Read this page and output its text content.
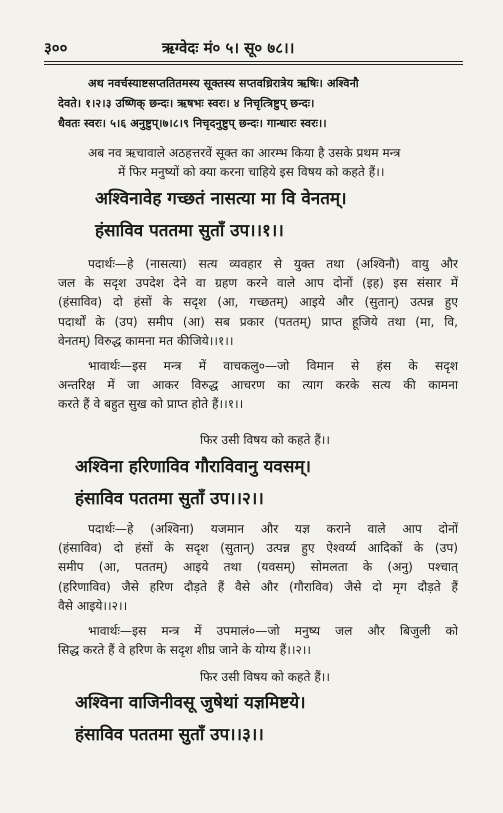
३००	ऋग्वेदः मं० ५। सू० ७८।।
अथ नवर्चस्याष्टसप्ततितमस्य सूक्तस्य सप्तवध्रिरात्रेय ऋषिः। अश्विनौ
देवते। १।२।३ उष्णिक् छन्दः। ऋषभः स्वरः। ४ निचृत्त्रिष्टुप् छन्दः।
धैवतः स्वरः। ५।६ अनुष्टुप्।७।८।९ निचृदनुष्टुप् छन्दः। गान्धारः स्वरः।।
अब नव ऋचावाले अठहत्तरवें सूक्त का आरम्भ किया है उसके प्रथम मन्त्र
में फिर मनुष्यों को क्या करना चाहिये इस विषय को कहते हैं।।
अश्विनावेह गच्छतं नासत्या मा वि वेनतम्।
हंसाविव पततमा सुताँ उप।।१।।
पदार्थः—हे (नासत्या) सत्य व्यवहार से युक्त तथा (अश्विनौ) वायु और
जल के सदृश उपदेश देने वा ग्रहण करने वाले आप दोनों (इह) इस संसार में
(हंसाविव) दो हंसों के सदृश (आ, गच्छतम्) आइये और (सुतान्) उत्पन्न हुए
पदार्थों के (उप) समीप (आ) सब प्रकार (पततम्) प्राप्त हूजिये तथा (मा, वि,
वेनतम्) विरुद्ध कामना मत कीजिये।।१।।
भावार्थः—इस मन्त्र में वाचकलु०—जो विमान से हंस के सदृश
अन्तरिक्ष में जा आकर विरुद्ध आचरण का त्याग करके सत्य की कामना
करते हैं वे बहुत सुख को प्राप्त होते हैं।।१।।
फिर उसी विषय को कहते हैं।।
अश्विना हरिणाविव गौराविवानु यवसम्।
हंसाविव पततमा सुताँ उप।।२।।
पदार्थः—हे (अश्विना) यजमान और यज्ञ कराने वाले आप दोनों
(हंसाविव) दो हंसों के सदृश (सुतान्) उत्पन्न हुए ऐश्वर्य्य आदिकों के (उप)
समीप (आ, पततम्) आइये तथा (यवसम्) सोमलता के (अनु) पश्चात्
(हरिणाविव) जैसे हरिण दौड़ते हैं वैसे और (गौराविव) जैसे दो मृग दौड़ते हैं
वैसे आइये।।२।।
भावार्थः—इस मन्त्र में उपमालं०—जो मनुष्य जल और बिजुली को
सिद्ध करते हैं वे हरिण के सदृश शीघ्र जाने के योग्य हैं।।२।।
फिर उसी विषय को कहते हैं।।
अश्विना वाजिनीवसू जुषेथां यज्ञमिष्टये।
हंसाविव पततमा सुताँ उप।।३।।
